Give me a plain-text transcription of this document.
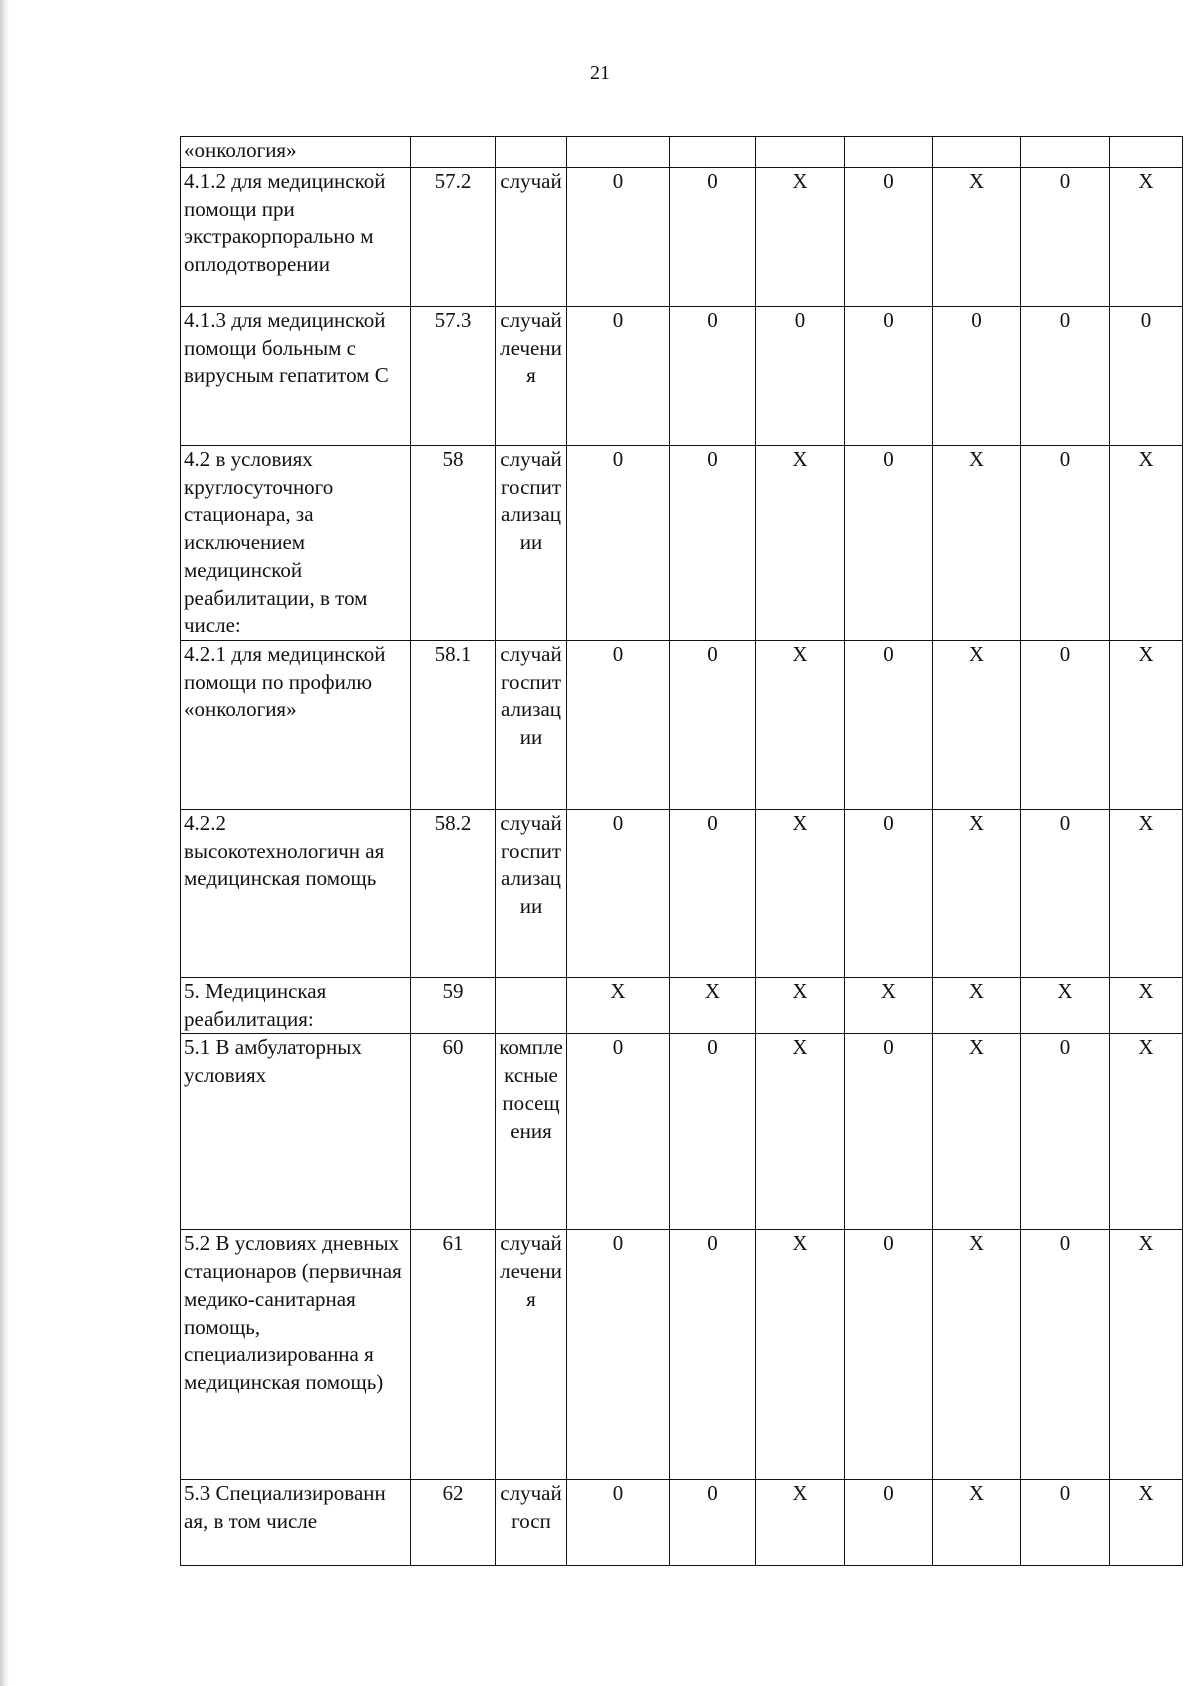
21
«онкология»									
4.1.2 для медицинской помощи при экстракорпорально м оплодотворении	57.2	случай	0	0	X	0	X	0	X
4.1.3 для медицинской помощи больным с вирусным гепатитом С	57.3	случай лечения	0	0	0	0	0	0	0
4.2 в условиях круглосуточного стационара, за исключением медицинской реабилитации, в том числе:	58	случай госпитализации	0	0	X	0	X	0	X
4.2.1 для медицинской помощи по профилю «онкология»	58.1	случай госпитализации	0	0	X	0	X	0	X
4.2.2 высокотехнологичн ая медицинская помощь	58.2	случай госпитализации	0	0	X	0	X	0	X
5. Медицинская реабилитация:	59		X	X	X	X	X	X	X
5.1 В амбулаторных условиях	60	комплексные посещения	0	0	X	0	X	0	X
5.2 В условиях дневных стационаров (первичная медико-санитарная помощь, специализированна я медицинская помощь)	61	случай лечения	0	0	X	0	X	0	X
5.3 Специализированн ая, в том числе	62	случай госп	0	0	X	0	X	0	X
